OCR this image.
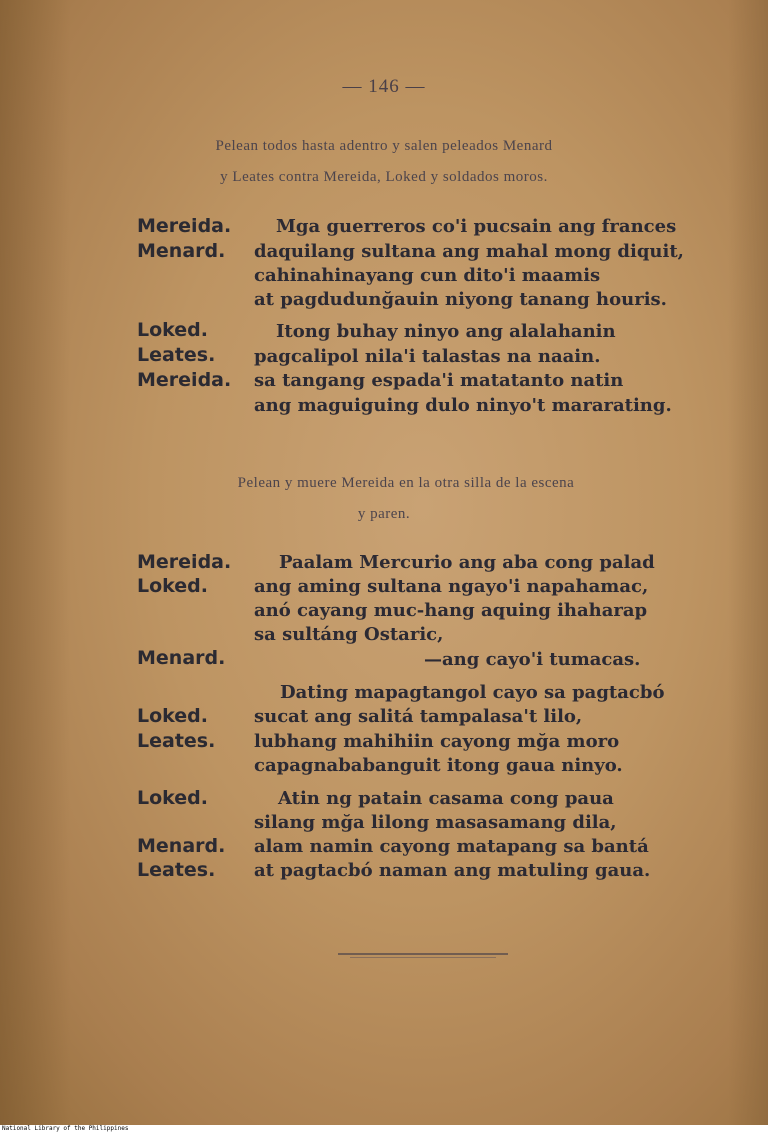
— 146 —
Pelean todos hasta adentro y salen peleados Menard
y Leates contra Mereida, Loked y soldados moros.
Mereida.
Menard.
Mga guerreros co'i pucsain ang frances
daquilang sultana ang mahal mong diquit,
cahinahinayang cun dito'i maamis
at pagdudunğauin niyong tanang houris.
Loked.
Leates.
Mereida.
Itong buhay ninyo ang alalahanin
pagcalipol nila'i talastas na naain.
sa tangang espada'i matatanto natin
ang maguiguing dulo ninyo't mararating.
Pelean y muere Mereida en la otra silla de la escena
y paren.
Mereida.
Loked.
Paalam Mercurio ang aba cong palad
ang aming sultana ngayo'i napahamac,
anó cayang muc-hang aquing ihaharap
sa sultáng Ostaric,
Menard.	—ang cayo'i tumacas.
Dating mapagtangol cayo sa pagtacbó
Loked.
Leates.
sucat ang salitá tampalasa't lilo,
lubhang mahihiin cayong mğa moro
capagnababanguit itong gaua ninyo.
Loked.	Atin ng patain casama cong paua
silang mğa lilong masasamang dila,
Menard.
Leates.
alam namin cayong matapang sa bantá
at pagtacbó naman ang matuling gaua.
National Library of the Philippines
